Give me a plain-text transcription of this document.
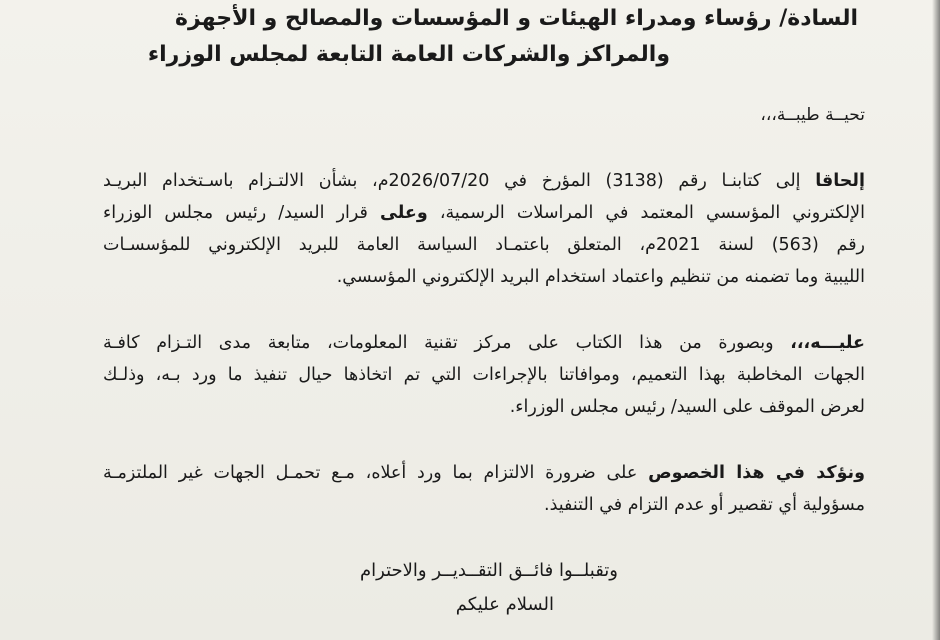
السادة/ رؤساء ومدراء الهيئات و المؤسسات والمصالح و الأجهزة
والمراكز والشركات العامة التابعة لمجلس الوزراء
تحيــة طيبــة،،،
إلحاقا إلى كتابنـا رقم (3138) المؤرخ في 2026/07/20م، بشأن الالتـزام باسـتخدام البريـد
الإلكتروني المؤسسي المعتمد في المراسلات الرسمية، وعلى قرار السيد/ رئيس مجلس الوزراء
رقم (563) لسنة 2021م، المتعلق باعتمـاد السياسة العامة للبريد الإلكتروني للمؤسسـات
الليبية وما تضمنه من تنظيم واعتماد استخدام البريد الإلكتروني المؤسسي.
عليـــه،،، وبصورة من هذا الكتاب على مركز تقنية المعلومات، متابعة مدى التـزام كافـة
الجهات المخاطبة بهذا التعميم، وموافاتنا بالإجراءات التي تم اتخاذها حيال تنفيذ ما ورد بـه، وذلـك
لعرض الموقف على السيد/ رئيس مجلس الوزراء.
ونؤكد في هذا الخصوص على ضرورة الالتزام بما ورد أعلاه، مـع تحمـل الجهات غير الملتزمـة
مسؤولية أي تقصير أو عدم التزام في التنفيذ.
وتقبلــوا فائــق التقــديــر والاحترام
السلام عليكم
